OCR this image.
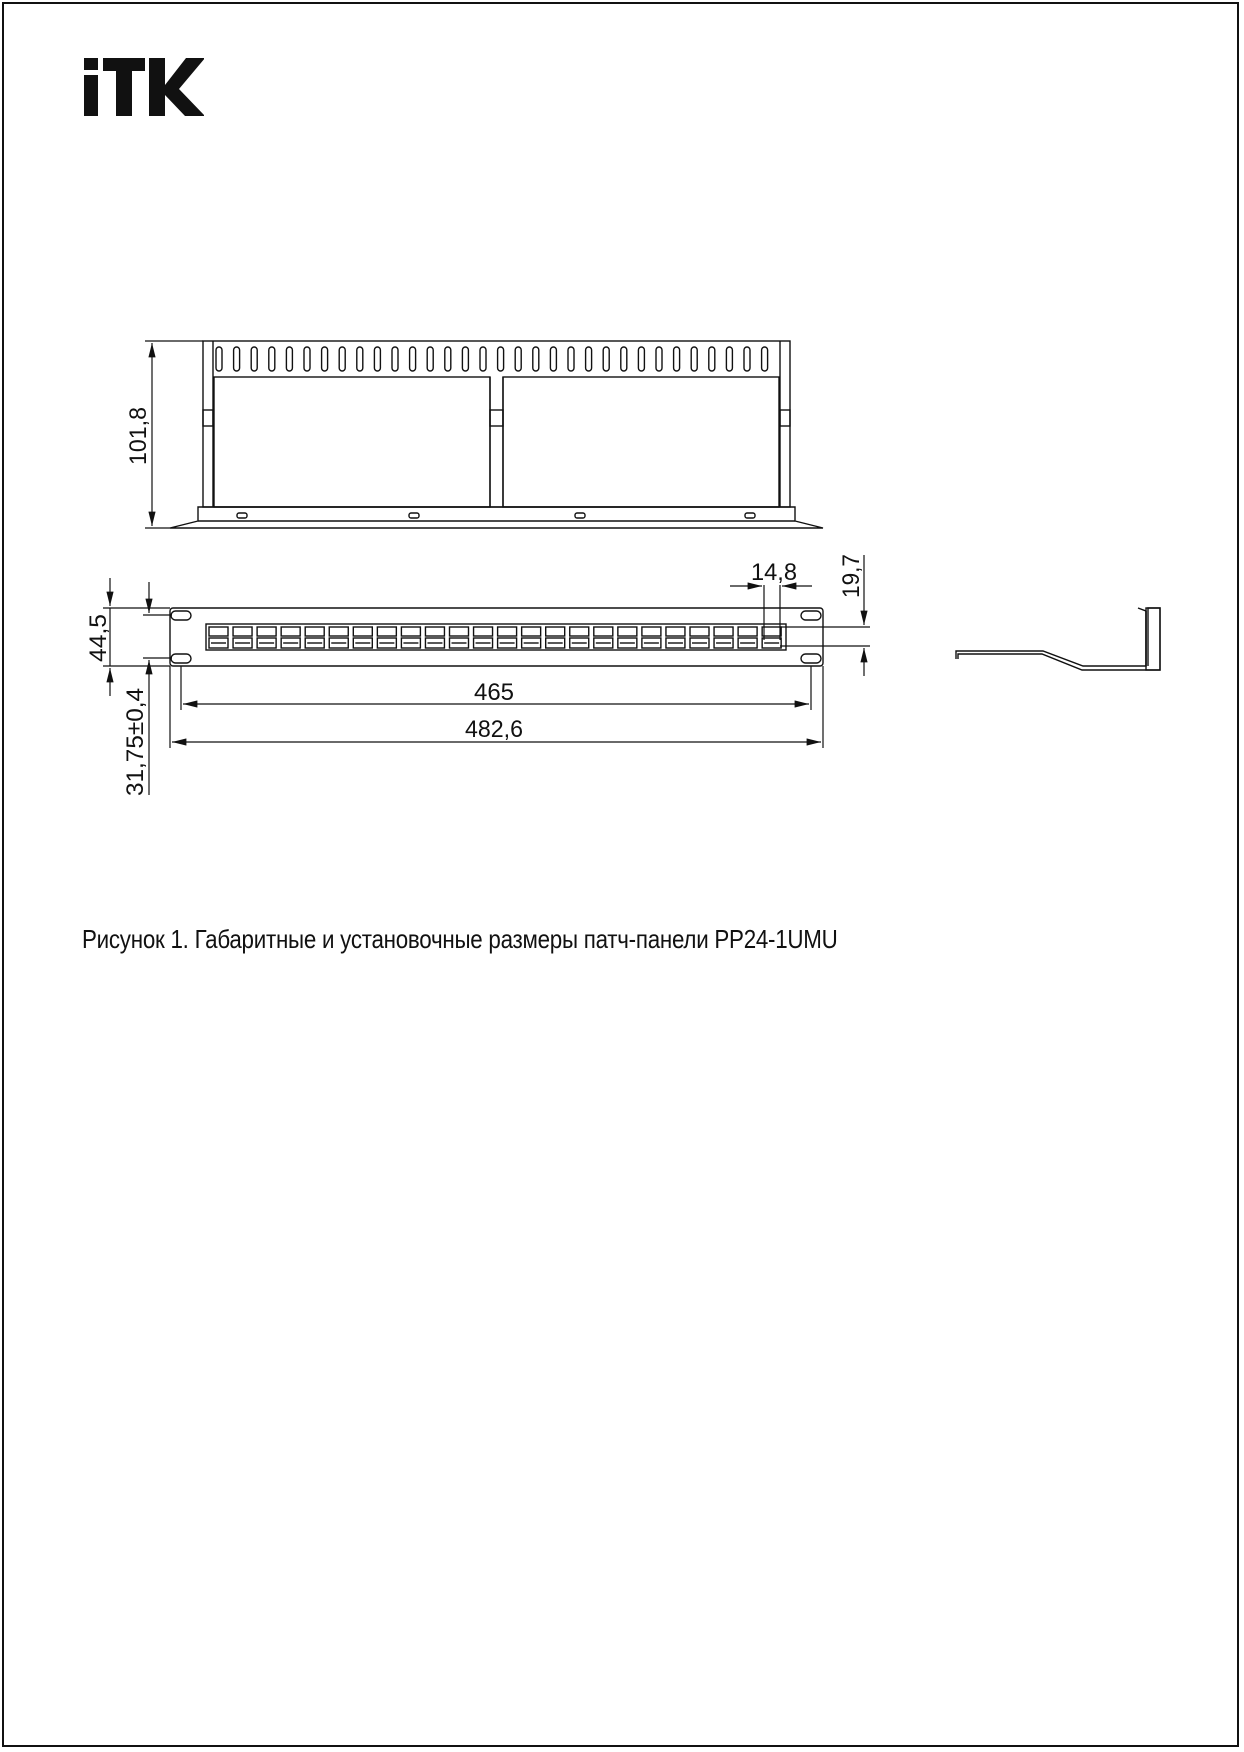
101,8
44,5
31,75±0,4
14,8 19,7
465
482,6
Рисунок 1. Габаритные и установочные размеры патч-панели PP24-1UMU
